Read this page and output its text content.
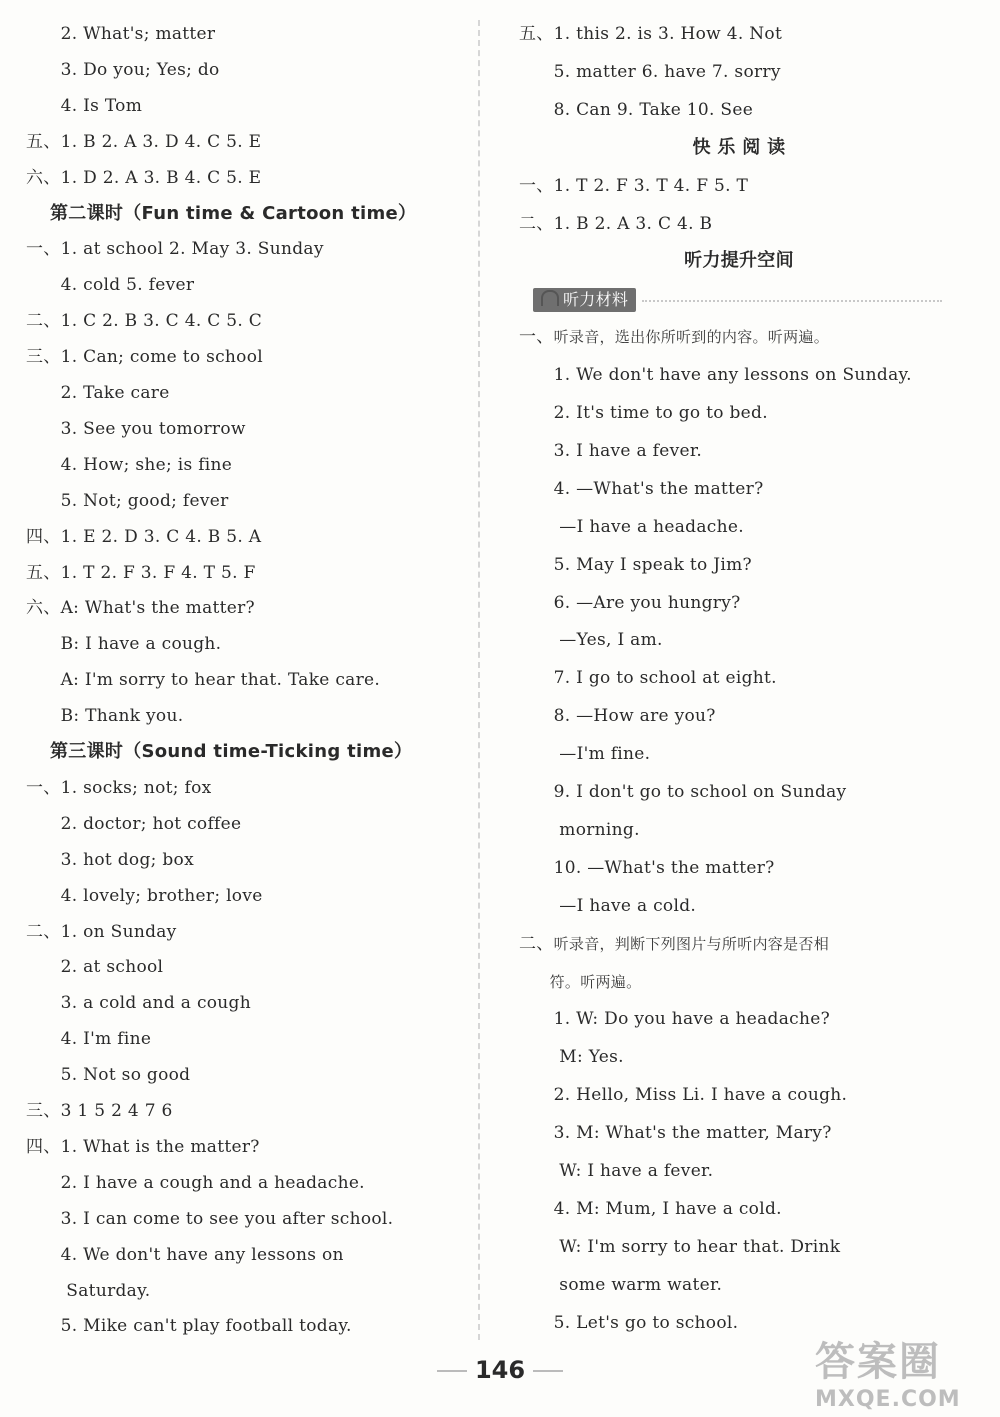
　　2. What's; matter
　　3. Do you; Yes; do
　　4. Is Tom
五、1. B 2. A 3. D 4. C 5. E
六、1. D 2. A 3. B 4. C 5. E
第二课时（Fun time & Cartoon time）
一、1. at school 2. May 3. Sunday
　　4. cold 5. fever
二、1. C 2. B 3. C 4. C 5. C
三、1. Can; come to school
　　2. Take care
　　3. See you tomorrow
　　4. How; she; is fine
　　5. Not; good; fever
四、1. E 2. D 3. C 4. B 5. A
五、1. T 2. F 3. F 4. T 5. F
六、A: What's the matter?
　　B: I have a cough.
　　A: I'm sorry to hear that. Take care.
　　B: Thank you.
第三课时（Sound time-Ticking time）
一、1. socks; not; fox
　　2. doctor; hot coffee
　　3. hot dog; box
　　4. lovely; brother; love
二、1. on Sunday
　　2. at school
　　3. a cold and a cough
　　4. I'm fine
　　5. Not so good
三、3 1 5 2 4 7 6
四、1. What is the matter?
　　2. I have a cough and a headache.
　　3. I can come to see you after school.
　　4. We don't have any lessons on
　　 Saturday.
　　5. Mike can't play football today.
五、1. this 2. is 3. How 4. Not
　　5. matter 6. have 7. sorry
　　8. Can 9. Take 10. See
快 乐 阅 读
一、1. T 2. F 3. T 4. F 5. T
二、1. B 2. A 3. C 4. B
听力提升空间
听力材料
一、听录音，选出你所听到的内容。听两遍。
　　1. We don't have any lessons on Sunday.
　　2. It's time to go to bed.
　　3. I have a fever.
　　4. —What's the matter?
　　 —I have a headache.
　　5. May I speak to Jim?
　　6. —Are you hungry?
　　 —Yes, I am.
　　7. I go to school at eight.
　　8. —How are you?
　　 —I'm fine.
　　9. I don't go to school on Sunday
　　 morning.
　　10. —What's the matter?
　　 —I have a cold.
二、听录音，判断下列图片与所听内容是否相
　　符。听两遍。
　　1. W: Do you have a headache?
　　 M: Yes.
　　2. Hello, Miss Li. I have a cough.
　　3. M: What's the matter, Mary?
　　 W: I have a fever.
　　4. M: Mum, I have a cold.
　　 W: I'm sorry to hear that. Drink
　　 some warm water.
　　5. Let's go to school.
146	答案圈
MXQE.COM
